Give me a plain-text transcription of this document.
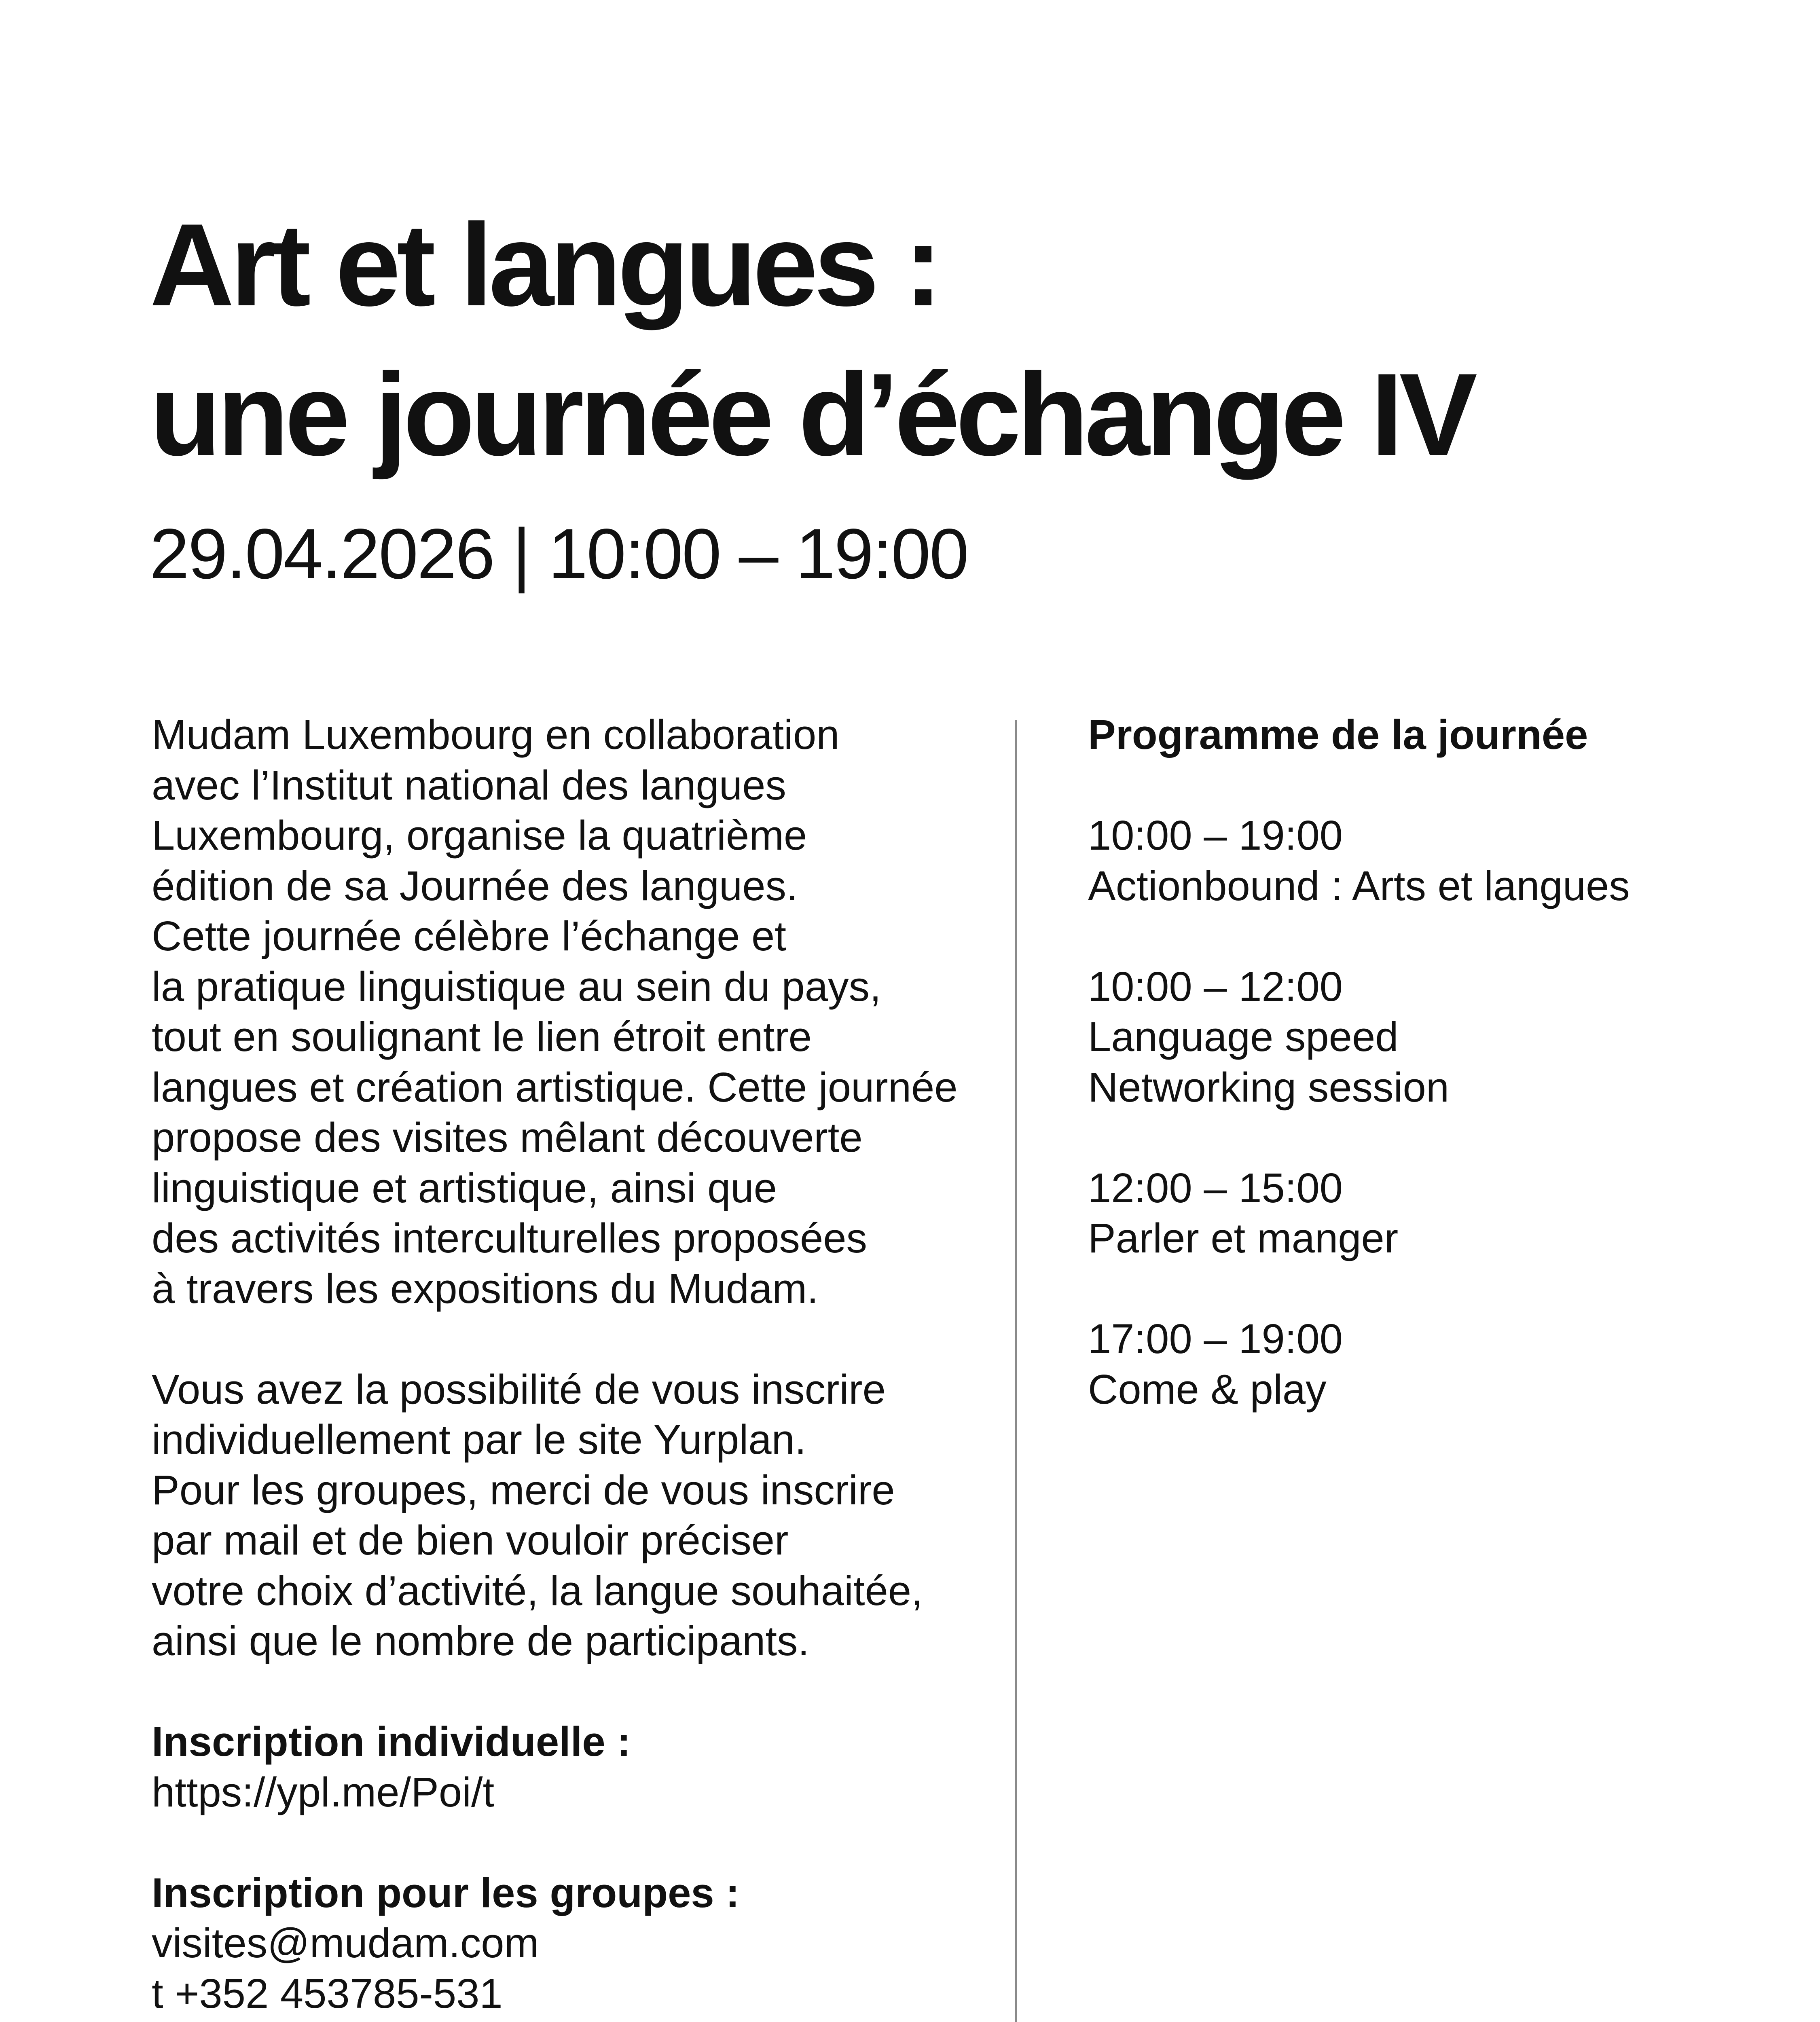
Art et langues :
une journée d’échange IV

29.04.2026 | 10:00 – 19:00

Mudam Luxembourg en collaboration
avec l’Institut national des langues
Luxembourg, organise la quatrième
édition de sa Journée des langues.
Cette journée célèbre l’échange et
la pratique linguistique au sein du pays,
tout en soulignant le lien étroit entre
langues et création artistique. Cette journée
propose des visites mêlant découverte
linguistique et artistique, ainsi que
des activités interculturelles proposées
à travers les expositions du Mudam.

Vous avez la possibilité de vous inscrire
individuellement par le site Yurplan.
Pour les groupes, merci de vous inscrire
par mail et de bien vouloir préciser
votre choix d’activité, la langue souhaitée,
ainsi que le nombre de participants.

Inscription individuelle :
https://ypl.me/Poi/t

Inscription pour les groupes :
visites@mudam.com
t +352 453785-531

Programme de la journée

10:00 – 19:00
Actionbound : Arts et langues

10:00 – 12:00
Language speed
Networking session

12:00 – 15:00
Parler et manger

17:00 – 19:00
Come & play
